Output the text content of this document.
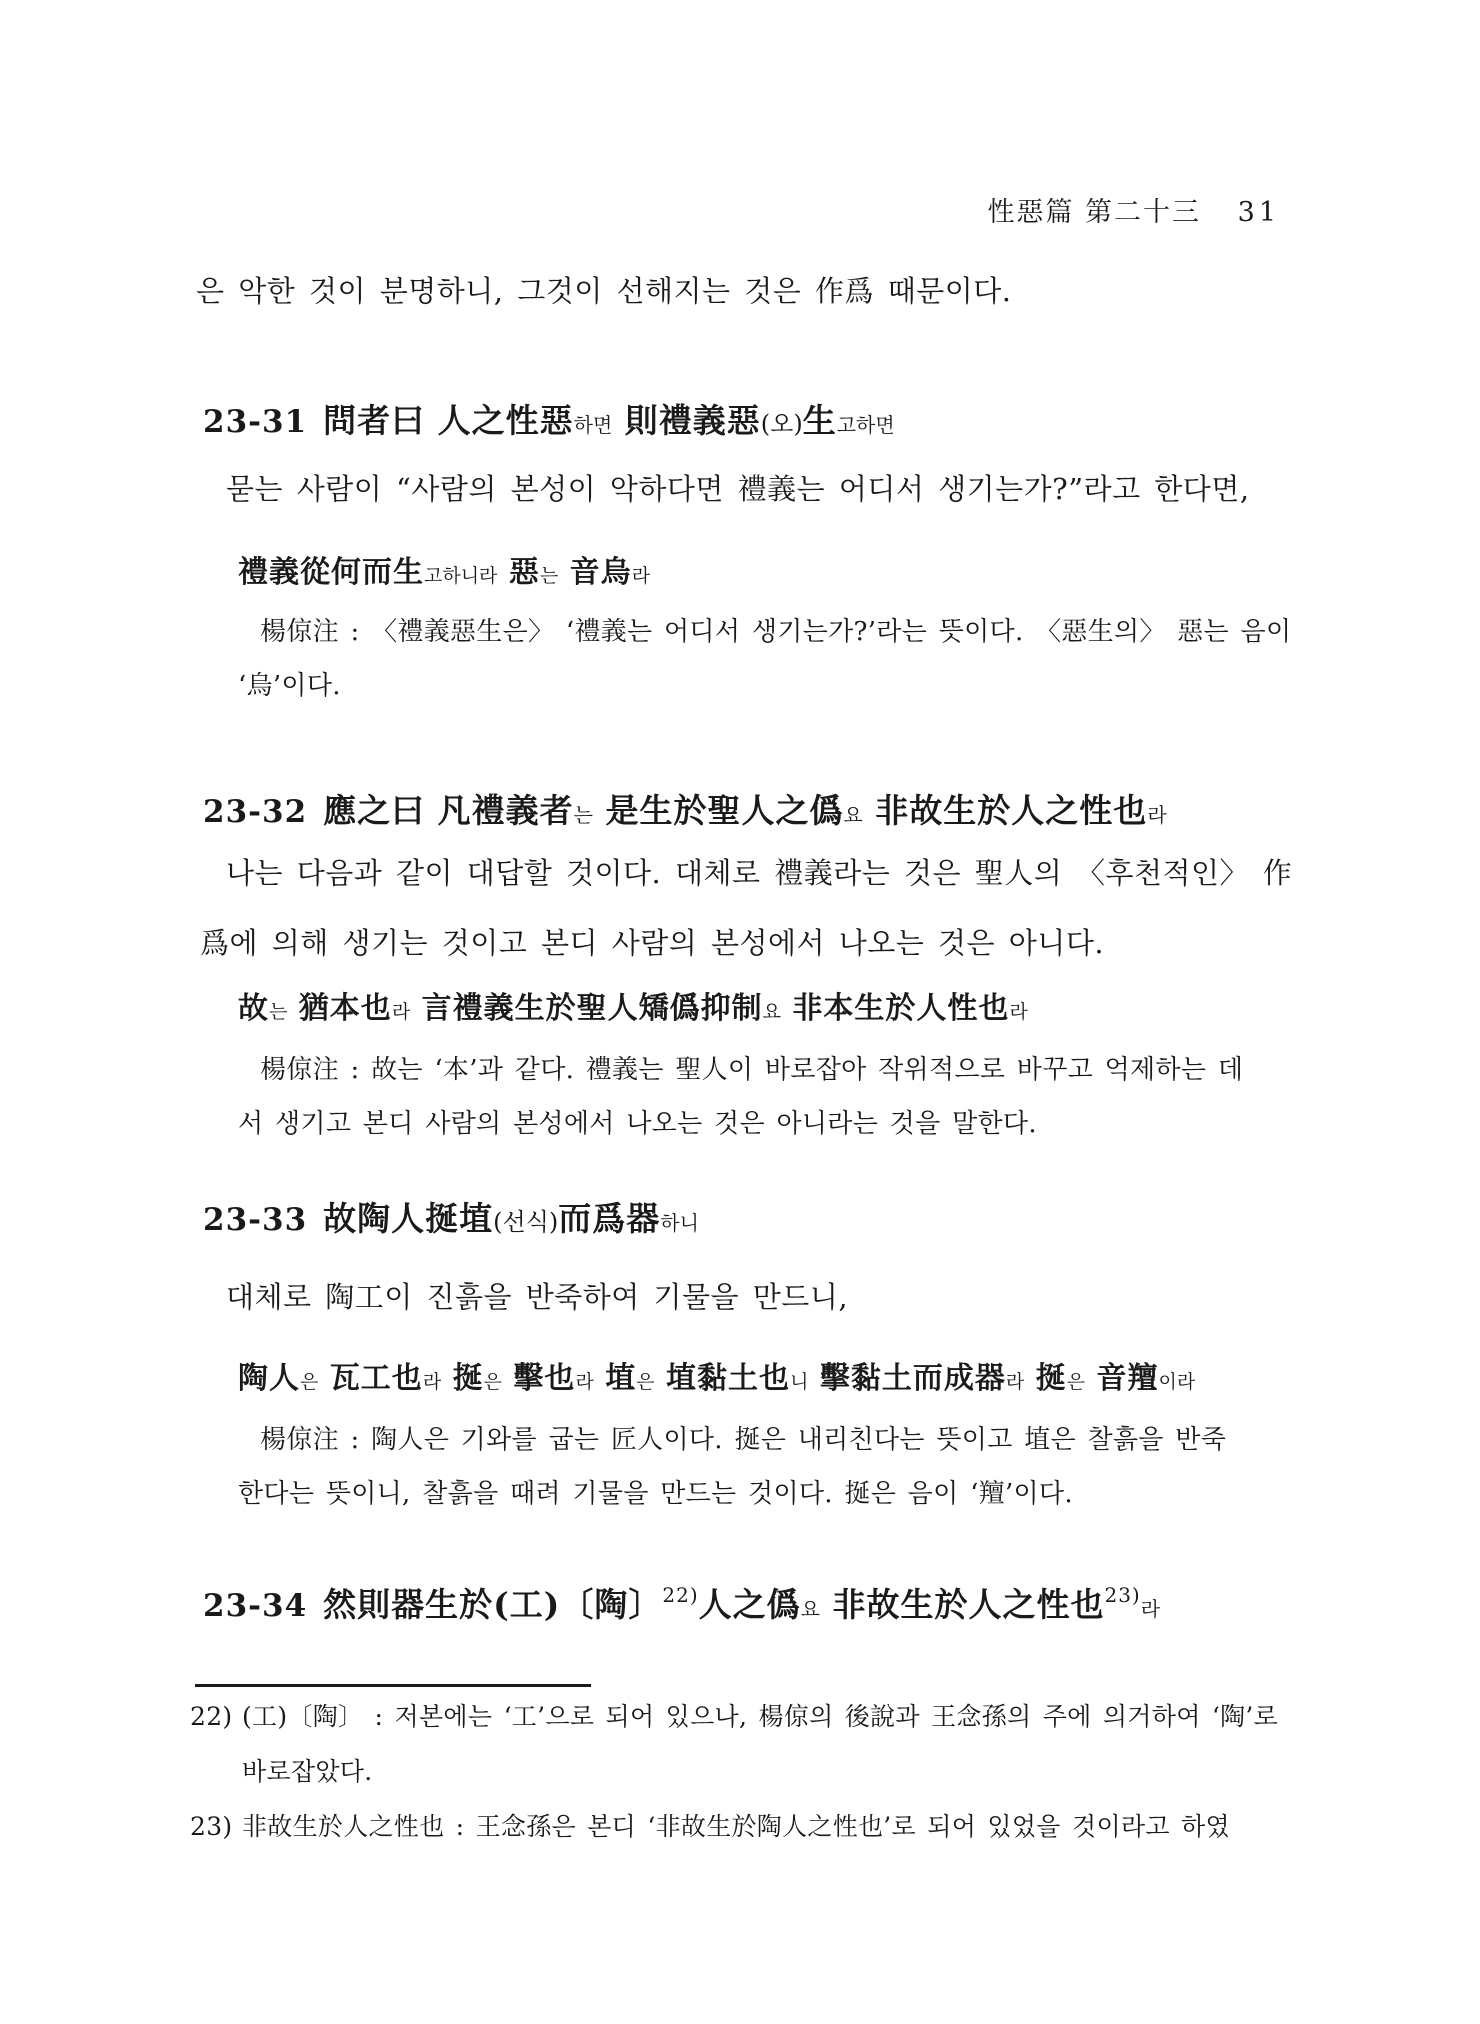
性惡篇 第二十三 31

은 악한 것이 분명하니, 그것이 선해지는 것은 作爲 때문이다.

23-31 問者曰 人之性惡하면 則禮義惡(오)生고하면

묻는 사람이 “사람의 본성이 악하다면 禮義는 어디서 생기는가?”라고 한다면,

禮義從何而生고하니라 惡는 音烏라
楊倞注 : 〈禮義惡生은〉 ‘禮義는 어디서 생기는가?’라는 뜻이다. 〈惡生의〉 惡는 음이
‘烏’이다.
23-32 應之曰 凡禮義者는 是生於聖人之僞요 非故生於人之性也라
나는 다음과 같이 대답할 것이다. 대체로 禮義라는 것은 聖人의 〈후천적인〉 作
爲에 의해 생기는 것이고 본디 사람의 본성에서 나오는 것은 아니다.
故는 猶本也라 言禮義生於聖人矯僞抑制요 非本生於人性也라
楊倞注 : 故는 ‘本’과 같다. 禮義는 聖人이 바로잡아 작위적으로 바꾸고 억제하는 데
서 생기고 본디 사람의 본성에서 나오는 것은 아니라는 것을 말한다.
23-33 故陶人挻埴(선식)而爲器하니

대체로 陶工이 진흙을 반죽하여 기물을 만드니,

陶人은 瓦工也라 挻은 擊也라 埴은 埴黏土也니 擊黏土而成器라 挻은 音羶이라
楊倞注 : 陶人은 기와를 굽는 匠人이다. 挻은 내리친다는 뜻이고 埴은 찰흙을 반죽
한다는 뜻이니, 찰흙을 때려 기물을 만드는 것이다. 挻은 음이 ‘羶’이다.
23-34 然則器生於(工)〔陶〕$^{22)}$人之僞요 非故生於人之性也$^{23)}$라
22) (工)〔陶〕 : 저본에는 ‘工’으로 되어 있으나, 楊倞의 後說과 王念孫의 주에 의거하여 ‘陶’로
바로잡았다.
23) 非故生於人之性也 : 王念孫은 본디 ‘非故生於陶人之性也’로 되어 있었을 것이라고 하였
